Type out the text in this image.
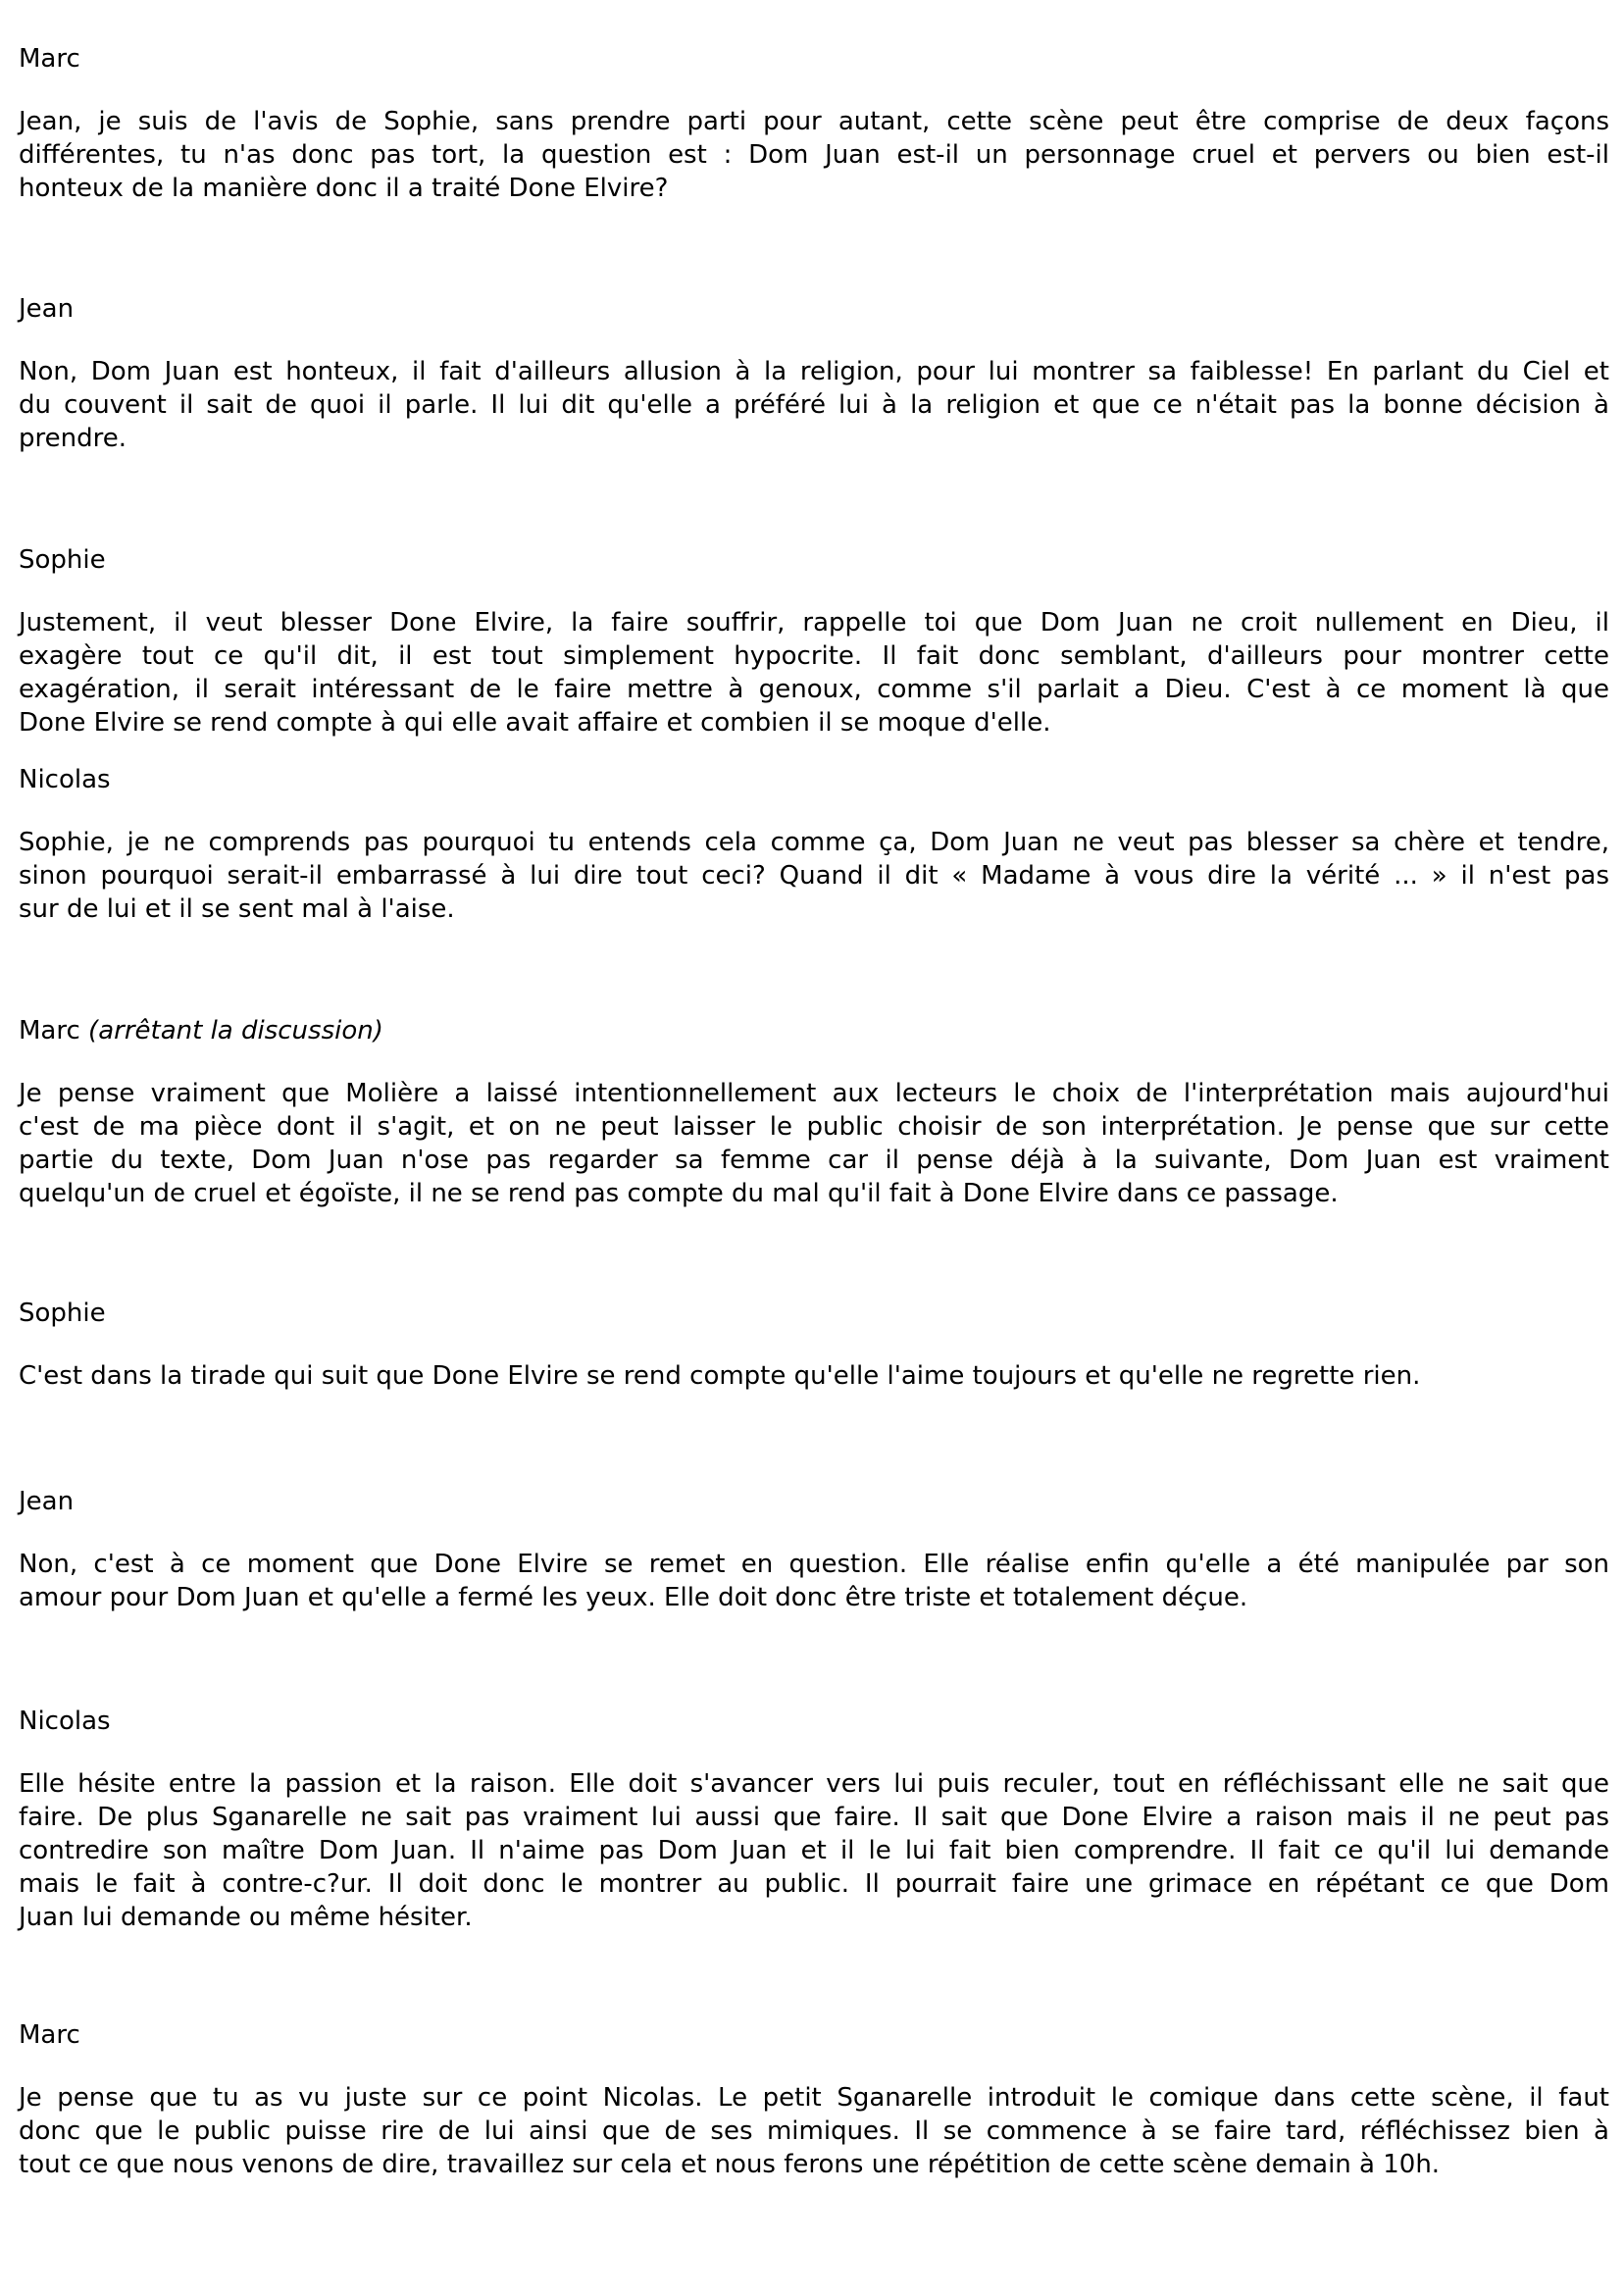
Marc
Jean, je suis de l'avis de Sophie, sans prendre parti pour autant, cette scène peut être comprise de deux façons
différentes, tu n'as donc pas tort, la question est : Dom Juan est-il un personnage cruel et pervers ou bien est-il
honteux de la manière donc il a traité Done Elvire?
Jean
Non, Dom Juan est honteux, il fait d'ailleurs allusion à la religion, pour lui montrer sa faiblesse! En parlant du Ciel et
du couvent il sait de quoi il parle. Il lui dit qu'elle a préféré lui à la religion et que ce n'était pas la bonne décision à
prendre.
Sophie
Justement, il veut blesser Done Elvire, la faire souffrir, rappelle toi que Dom Juan ne croit nullement en Dieu, il
exagère tout ce qu'il dit, il est tout simplement hypocrite. Il fait donc semblant, d'ailleurs pour montrer cette
exagération, il serait intéressant de le faire mettre à genoux, comme s'il parlait a Dieu. C'est à ce moment là que
Done Elvire se rend compte à qui elle avait affaire et combien il se moque d'elle.
Nicolas
Sophie, je ne comprends pas pourquoi tu entends cela comme ça, Dom Juan ne veut pas blesser sa chère et tendre,
sinon pourquoi serait-il embarrassé à lui dire tout ceci? Quand il dit « Madame à vous dire la vérité ... » il n'est pas
sur de lui et il se sent mal à l'aise.
Marc (arrêtant la discussion)
Je pense vraiment que Molière a laissé intentionnellement aux lecteurs le choix de l'interprétation mais aujourd'hui
c'est de ma pièce dont il s'agit, et on ne peut laisser le public choisir de son interprétation. Je pense que sur cette
partie du texte, Dom Juan n'ose pas regarder sa femme car il pense déjà à la suivante, Dom Juan est vraiment
quelqu'un de cruel et égoïste, il ne se rend pas compte du mal qu'il fait à Done Elvire dans ce passage.
Sophie
C'est dans la tirade qui suit que Done Elvire se rend compte qu'elle l'aime toujours et qu'elle ne regrette rien.
Jean
Non, c'est à ce moment que Done Elvire se remet en question. Elle réalise enfin qu'elle a été manipulée par son
amour pour Dom Juan et qu'elle a fermé les yeux. Elle doit donc être triste et totalement déçue.
Nicolas
Elle hésite entre la passion et la raison. Elle doit s'avancer vers lui puis reculer, tout en réfléchissant elle ne sait que
faire. De plus Sganarelle ne sait pas vraiment lui aussi que faire. Il sait que Done Elvire a raison mais il ne peut pas
contredire son maître Dom Juan. Il n'aime pas Dom Juan et il le lui fait bien comprendre. Il fait ce qu'il lui demande
mais le fait à contre-c?ur. Il doit donc le montrer au public. Il pourrait faire une grimace en répétant ce que Dom
Juan lui demande ou même hésiter.
Marc
Je pense que tu as vu juste sur ce point Nicolas. Le petit Sganarelle introduit le comique dans cette scène, il faut
donc que le public puisse rire de lui ainsi que de ses mimiques. Il se commence à se faire tard, réfléchissez bien à
tout ce que nous venons de dire, travaillez sur cela et nous ferons une répétition de cette scène demain à 10h.
